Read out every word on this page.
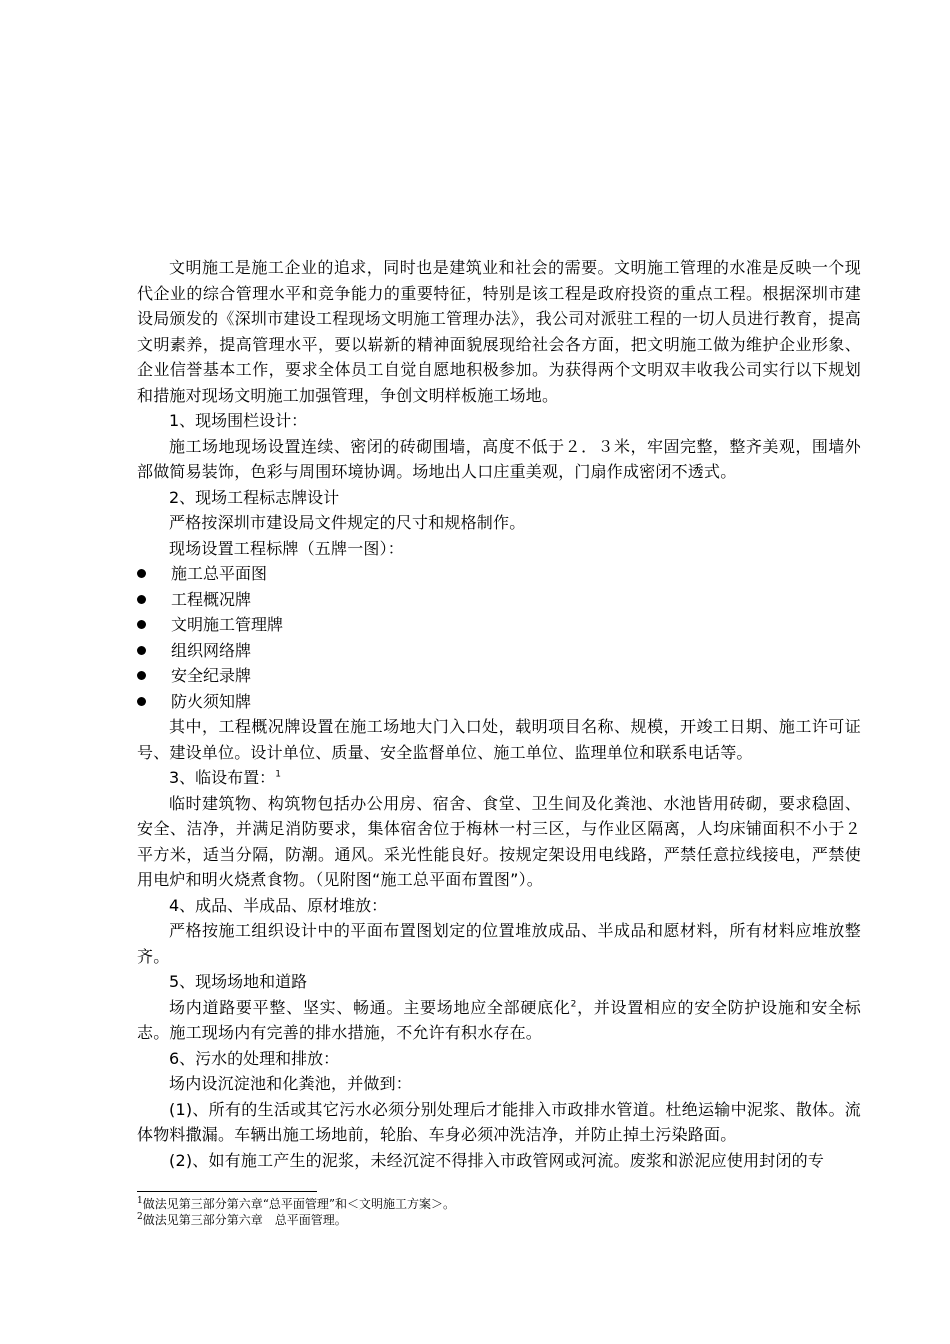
文明施工是施工企业的追求，同时也是建筑业和社会的需要。文明施工管理的水准是反映一个现代企业的综合管理水平和竞争能力的重要特征，特别是该工程是政府投资的重点工程。根据深圳市建设局颁发的《深圳市建设工程现场文明施工管理办法》，我公司对派驻工程的一切人员进行教育，提高文明素养，提高管理水平，要以崭新的精神面貌展现给社会各方面，把文明施工做为维护企业形象、企业信誉基本工作，要求全体员工自觉自愿地积极参加。为获得两个文明双丰收我公司实行以下规划和措施对现场文明施工加强管理，争创文明样板施工场地。

1、现场围栏设计：

施工场地现场设置连续、密闭的砖砌围墙，高度不低于２．３米，牢固完整，整齐美观，围墙外部做简易装饰，色彩与周围环境协调。场地出人口庄重美观，门扇作成密闭不透式。

2、现场工程标志牌设计

严格按深圳市建设局文件规定的尺寸和规格制作。

现场设置工程标牌（五牌一图）：

施工总平面图

工程概况牌

文明施工管理牌

组织网络牌

安全纪录牌

防火须知牌

其中，工程概况牌设置在施工场地大门入口处，载明项目名称、规模，开竣工日期、施工许可证号、建设单位。设计单位、质量、安全监督单位、施工单位、监理单位和联系电话等。

3、临设布置：$^1$

临时建筑物、构筑物包括办公用房、宿舍、食堂、卫生间及化粪池、水池皆用砖砌，要求稳固、安全、洁净，并满足消防要求，集体宿舍位于梅林一村三区，与作业区隔离，人均床铺面积不小于２平方米，适当分隔，防潮。通风。采光性能良好。按规定架设用电线路，严禁任意拉线接电，严禁使用电炉和明火烧煮食物。（见附图“施工总平面布置图”）。

4、成品、半成品、原材堆放：

严格按施工组织设计中的平面布置图划定的位置堆放成品、半成品和愿材料，所有材料应堆放整齐。

5、现场场地和道路

场内道路要平整、坚实、畅通。主要场地应全部硬底化$^2$，并设置相应的安全防护设施和安全标志。施工现场内有完善的排水措施，不允许有积水存在。

6、污水的处理和排放：

场内设沉淀池和化粪池，并做到：

(1)、所有的生活或其它污水必须分别处理后才能排入市政排水管道。杜绝运输中泥浆、散体。流体物料撒漏。车辆出施工场地前，轮胎、车身必须冲洗洁净，并防止掉土污染路面。

(2)、如有施工产生的泥浆，未经沉淀不得排入市政管网或河流。废浆和淤泥应使用封闭的专

$^1$做法见第三部分第六章“总平面管理”和＜文明施工方案＞。
$^2$做法见第三部分第六章　总平面管理。
